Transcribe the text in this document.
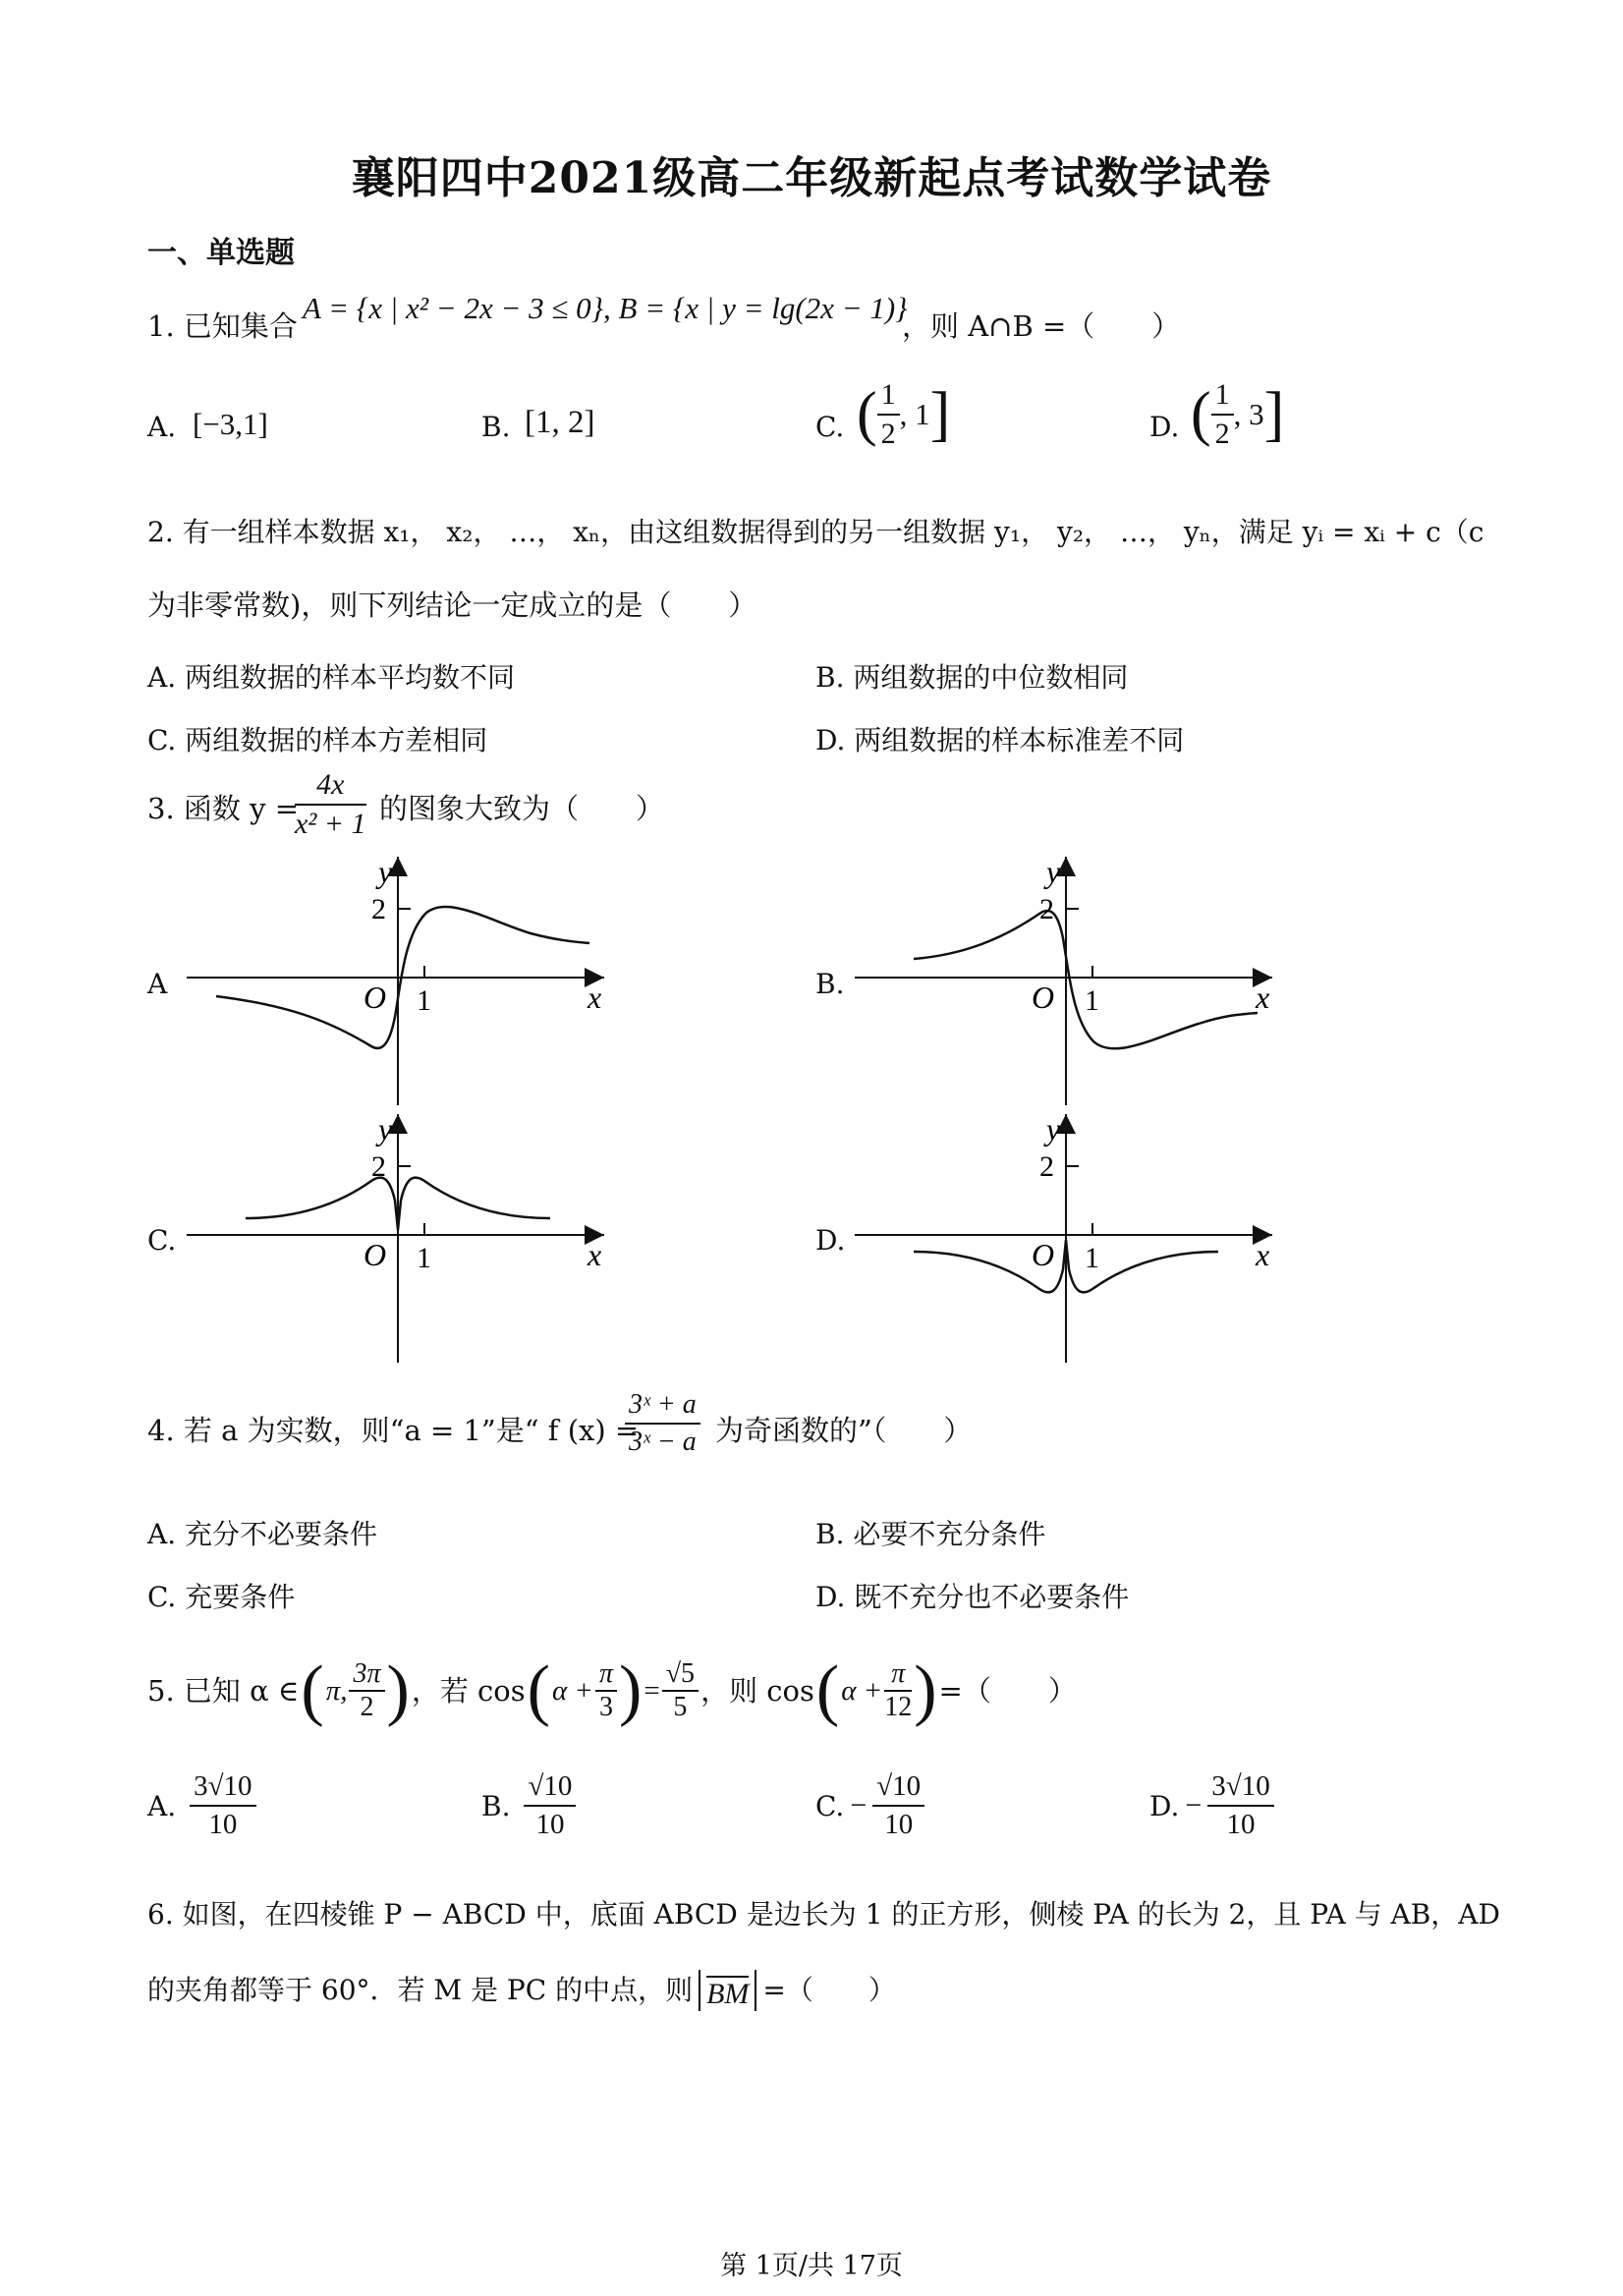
襄阳四中2021级高二年级新起点考试数学试卷
一、单选题
1. 已知集合
A = {x | x² − 2x − 3 ≤ 0}, B = {x | y = lg(2x − 1)}
，则 A∩B =（　　）
A. [−3,1]	B. [1, 2]	C. ( $\frac{1}{2}$ , 1]	D. ( $\frac{1}{2}$ , 3]
2. 有一组样本数据 x₁， x₂， …， xₙ，由这组数据得到的另一组数据 y₁， y₂， …， yₙ，满足 yᵢ = xᵢ + c（c
为非零常数)，则下列结论一定成立的是（　　）
A. 两组数据的样本平均数不同	B. 两组数据的中位数相同
C. 两组数据的样本方差相同	D. 两组数据的样本标准差不同
3. 函数 y =
$\frac{4x}{\text{x² + 1}}$ 的图象大致为（　　）
A	B.
C.	D.
y
2
O 1	x
y
2
O 1	x
y
2
O 1	x
y
2
O 1	x
4. 若 a 为实数，则“a = 1”是“ f (x) =
$\frac{\text{3ˣ + a}}{\text{3ˣ − a}}$ 为奇函数的”（　　）
A. 充分不必要条件	B. 必要不充分条件
C. 充要条件	D. 既不充分也不必要条件
5. 已知 α ∈ ( π, $\frac{3\pi}{2}$ ) ，若 cos ( $\alpha + \frac{\pi}{3}$ ) = $\frac{√5}{5}$ ，则 cos ( $\alpha + \frac{\pi}{12}$ ) =（　　）
A. $\frac{3√10}{10}$	B. $\frac{√10}{10}$	C. − $\frac{√10}{10}$	D. − $\frac{3√10}{10}$
6. 如图，在四棱锥 P − ABCD 中，底面 ABCD 是边长为 1 的正方形，侧棱 PA 的长为 2，且 PA 与 AB，AD
的夹角都等于 60°．若 M 是 PC 的中点，则 BM =（　　）
第 1页/共 17页
